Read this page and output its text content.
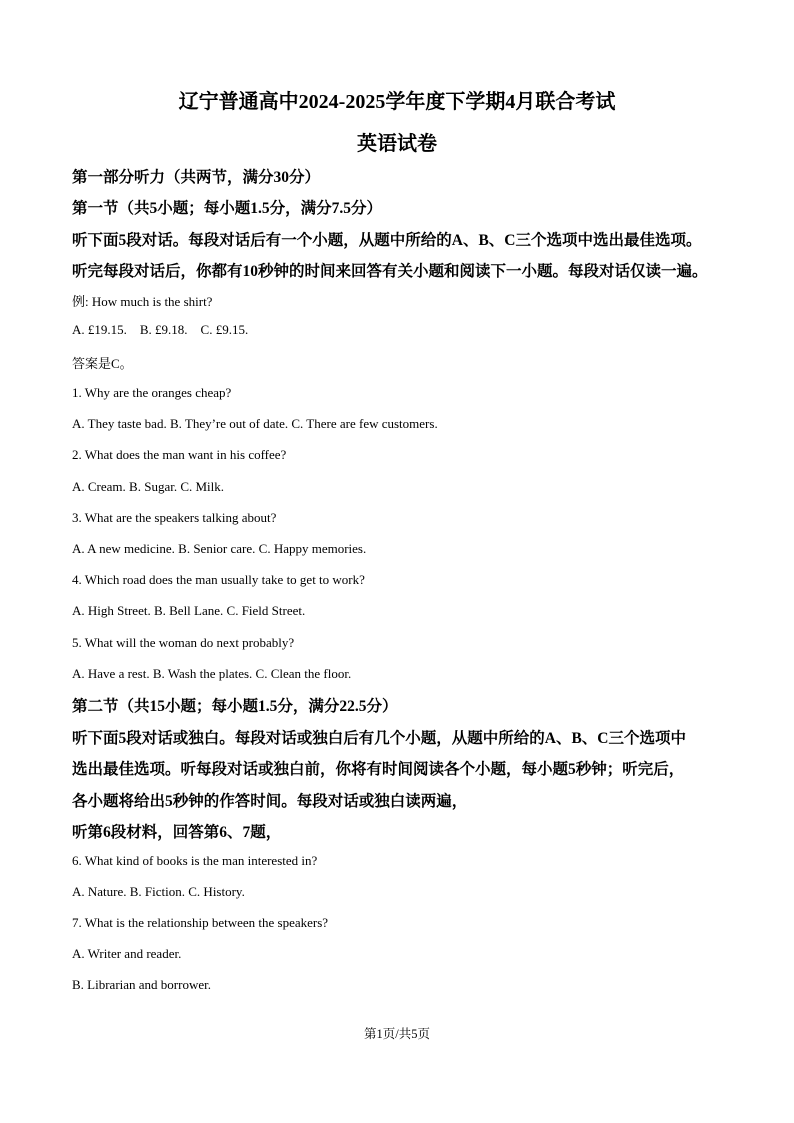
辽宁普通高中2024-2025学年度下学期4月联合考试
英语试卷
第一部分听力（共两节，满分30分）
第一节（共5小题；每小题1.5分，满分7.5分）
听下面5段对话。每段对话后有一个小题，从题中所给的A、B、C三个选项中选出最佳选项。
听完每段对话后，你都有10秒钟的时间来回答有关小题和阅读下一小题。每段对话仅读一遍。
例: How much is the shirt?
A. £19.15.    B. £9.18.    C. £9.15.
答案是C。
1. Why are the oranges cheap?
A. They taste bad. B. They’re out of date. C. There are few customers.
2. What does the man want in his coffee?
A. Cream. B. Sugar. C. Milk.
3. What are the speakers talking about?
A. A new medicine. B. Senior care. C. Happy memories.
4. Which road does the man usually take to get to work?
A. High Street. B. Bell Lane. C. Field Street.
5. What will the woman do next probably?
A. Have a rest. B. Wash the plates. C. Clean the floor.
第二节（共15小题；每小题1.5分，满分22.5分）
听下面5段对话或独白。每段对话或独白后有几个小题，从题中所给的A、B、C三个选项中
选出最佳选项。听每段对话或独白前，你将有时间阅读各个小题，每小题5秒钟；听完后，
各小题将给出5秒钟的作答时间。每段对话或独白读两遍，
听第6段材料，回答第6、7题，
6. What kind of books is the man interested in?
A. Nature. B. Fiction. C. History.
7. What is the relationship between the speakers?
A. Writer and reader.
B. Librarian and borrower.
第1页/共5页
